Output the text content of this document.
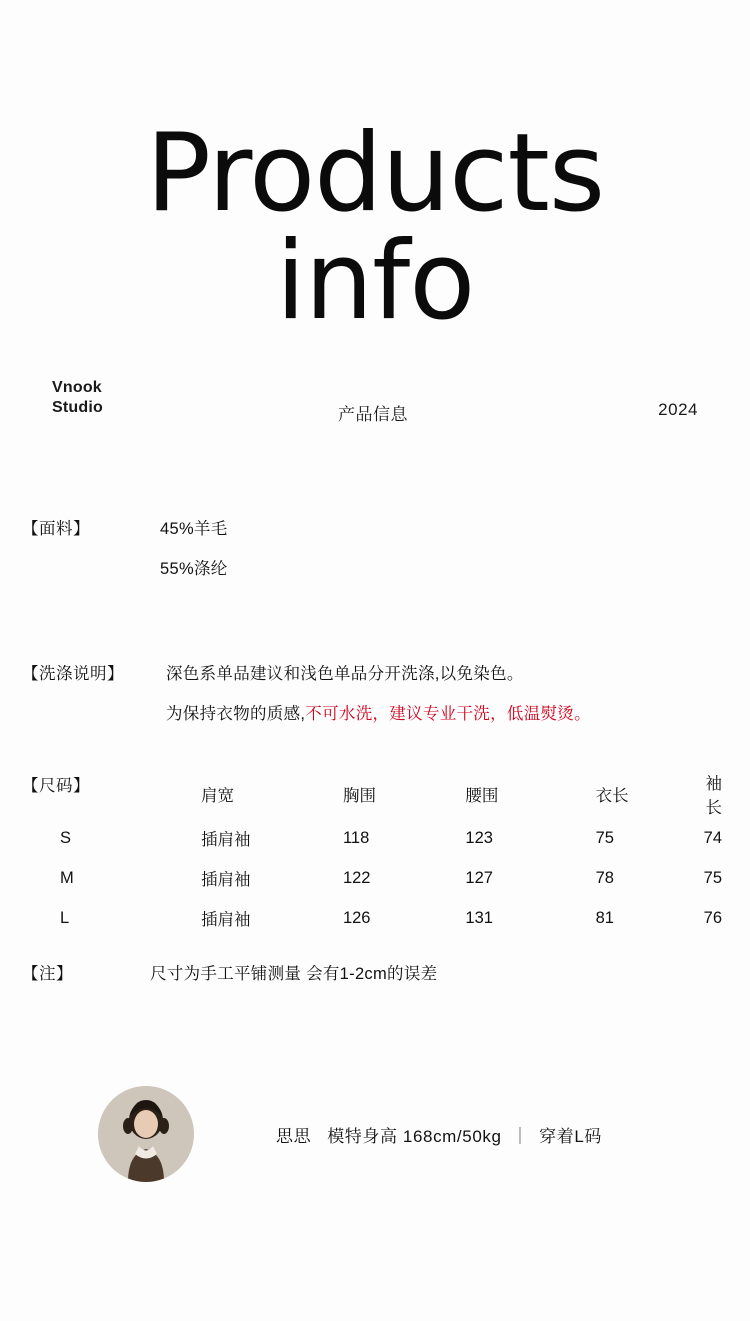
Products
info
Vnook
Studio	产品信息	2024
【面料】	45%羊毛
55%涤纶
【洗涤说明】	深色系单品建议和浅色单品分开洗涤,以免染色。
为保持衣物的质感,不可水洗，建议专业干洗，低温熨烫。
【尺码】
	肩宽	胸围	腰围	衣长	袖长
S	插肩袖	118	123	75	74
M	插肩袖	122	127	78	75
L	插肩袖	126	131	81	76
【注】	尺寸为手工平铺测量 会有1-2cm的误差
思思 模特身高 168cm/50kg ｜ 穿着L码
